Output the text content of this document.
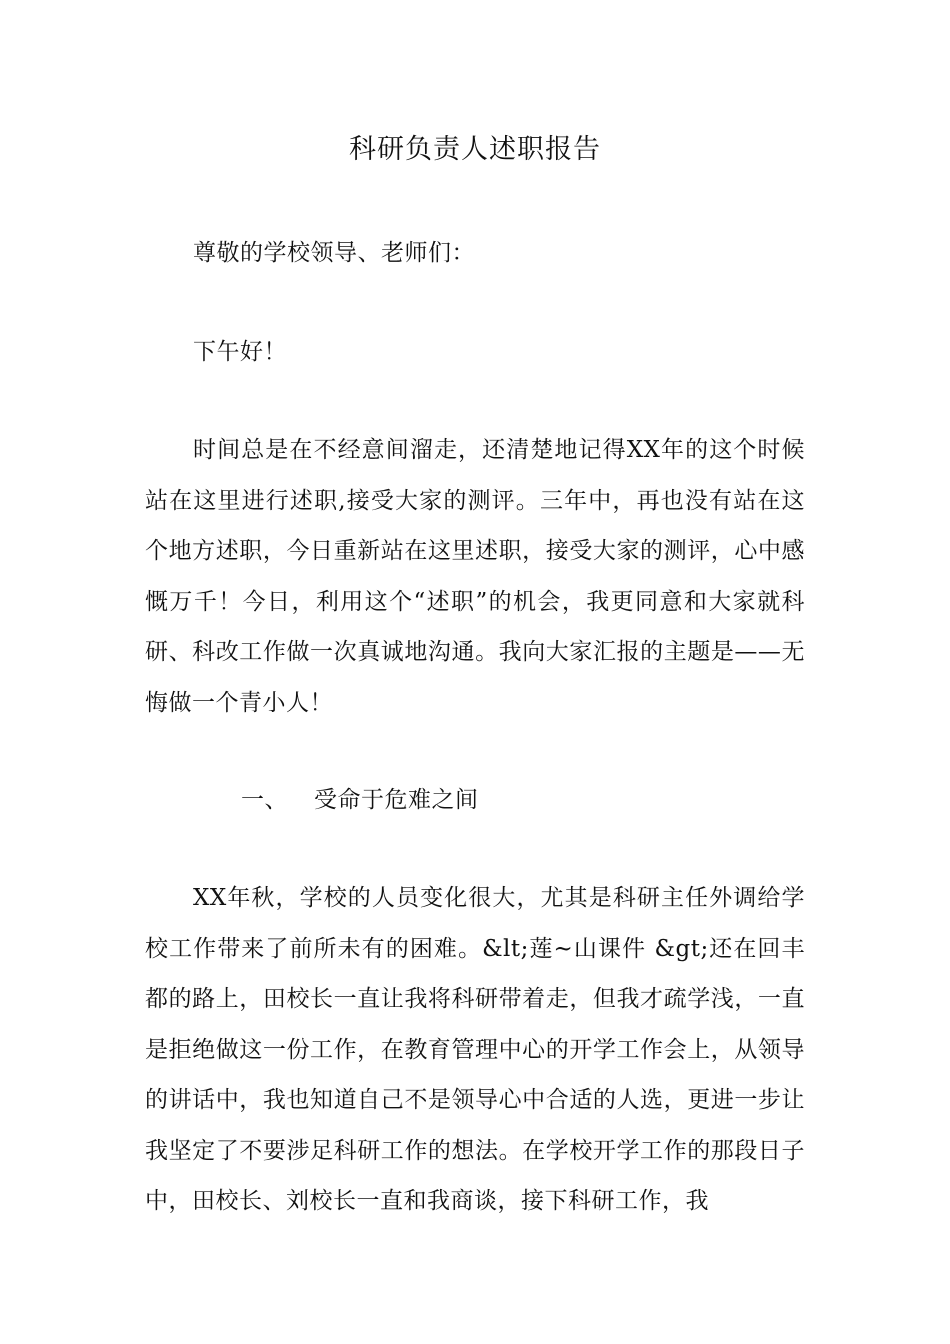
科研负责人述职报告

尊敬的学校领导、老师们：

下午好！

时间总是在不经意间溜走，还清楚地记得XX年的这个时候站在这里进行述职,接受大家的测评。三年中，再也没有站在这个地方述职，今日重新站在这里述职，接受大家的测评，心中感慨万千！今日，利用这个“述职”的机会，我更同意和大家就科研、科改工作做一次真诚地沟通。我向大家汇报的主题是——无悔做一个青小人！

一、 受命于危难之间

XX年秋，学校的人员变化很大，尤其是科研主任外调给学校工作带来了前所未有的困难。&lt;莲~山课件 &gt;还在回丰都的路上，田校长一直让我将科研带着走，但我才疏学浅，一直是拒绝做这一份工作，在教育管理中心的开学工作会上，从领导的讲话中，我也知道自己不是领导心中合适的人选，更进一步让我坚定了不要涉足科研工作的想法。在学校开学工作的那段日子中，田校长、刘校长一直和我商谈，接下科研工作，我
